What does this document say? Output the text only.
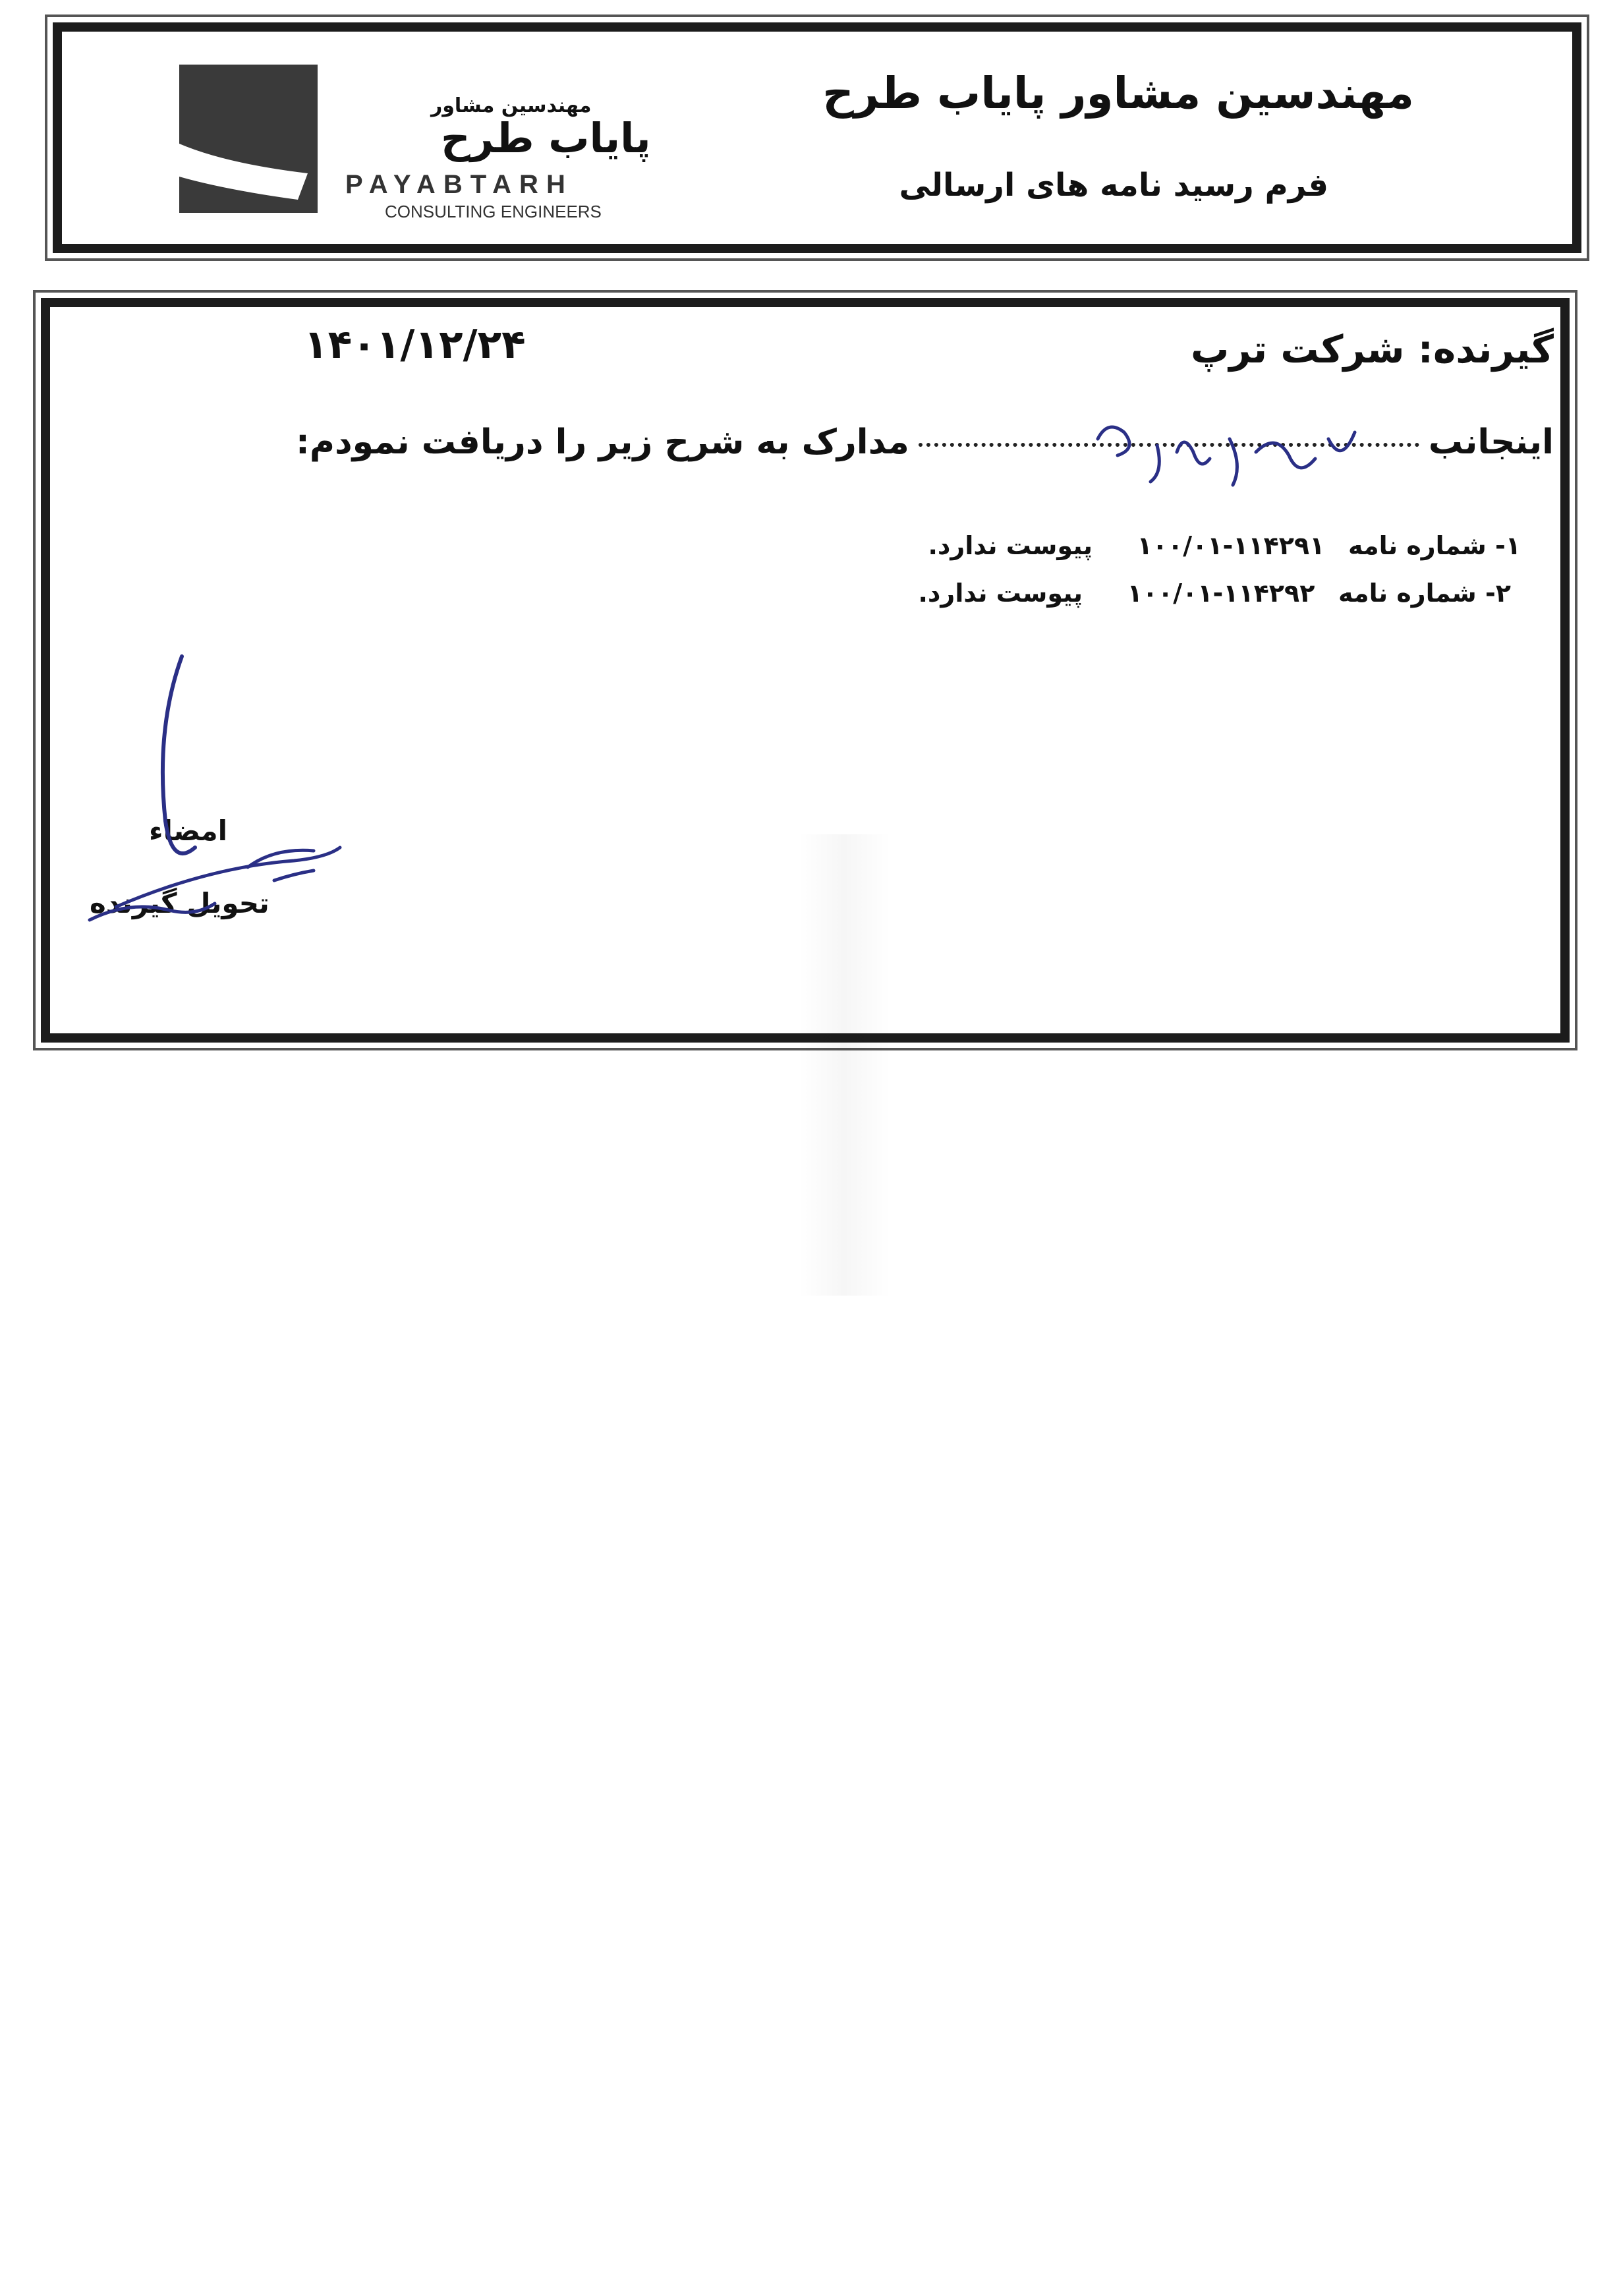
مهندسین مشاور
پایاب طرح
PAYABTARH
CONSULTING ENGINEERS
مهندسین مشاور پایاب طرح
فرم رسید نامه های ارسالی
گیرنده: شرکت ترپ
۱۴۰۱/۱۲/۲۴
اینجانبمدارک به شرح زیر را دریافت نمودم:
۱- شماره نامه۱۰۰/۰۱-۱۱۴۲۹۱پیوست ندارد.
۲- شماره نامه۱۰۰/۰۱-۱۱۴۲۹۲پیوست ندارد.
امضاء
تحویل گیرنده
